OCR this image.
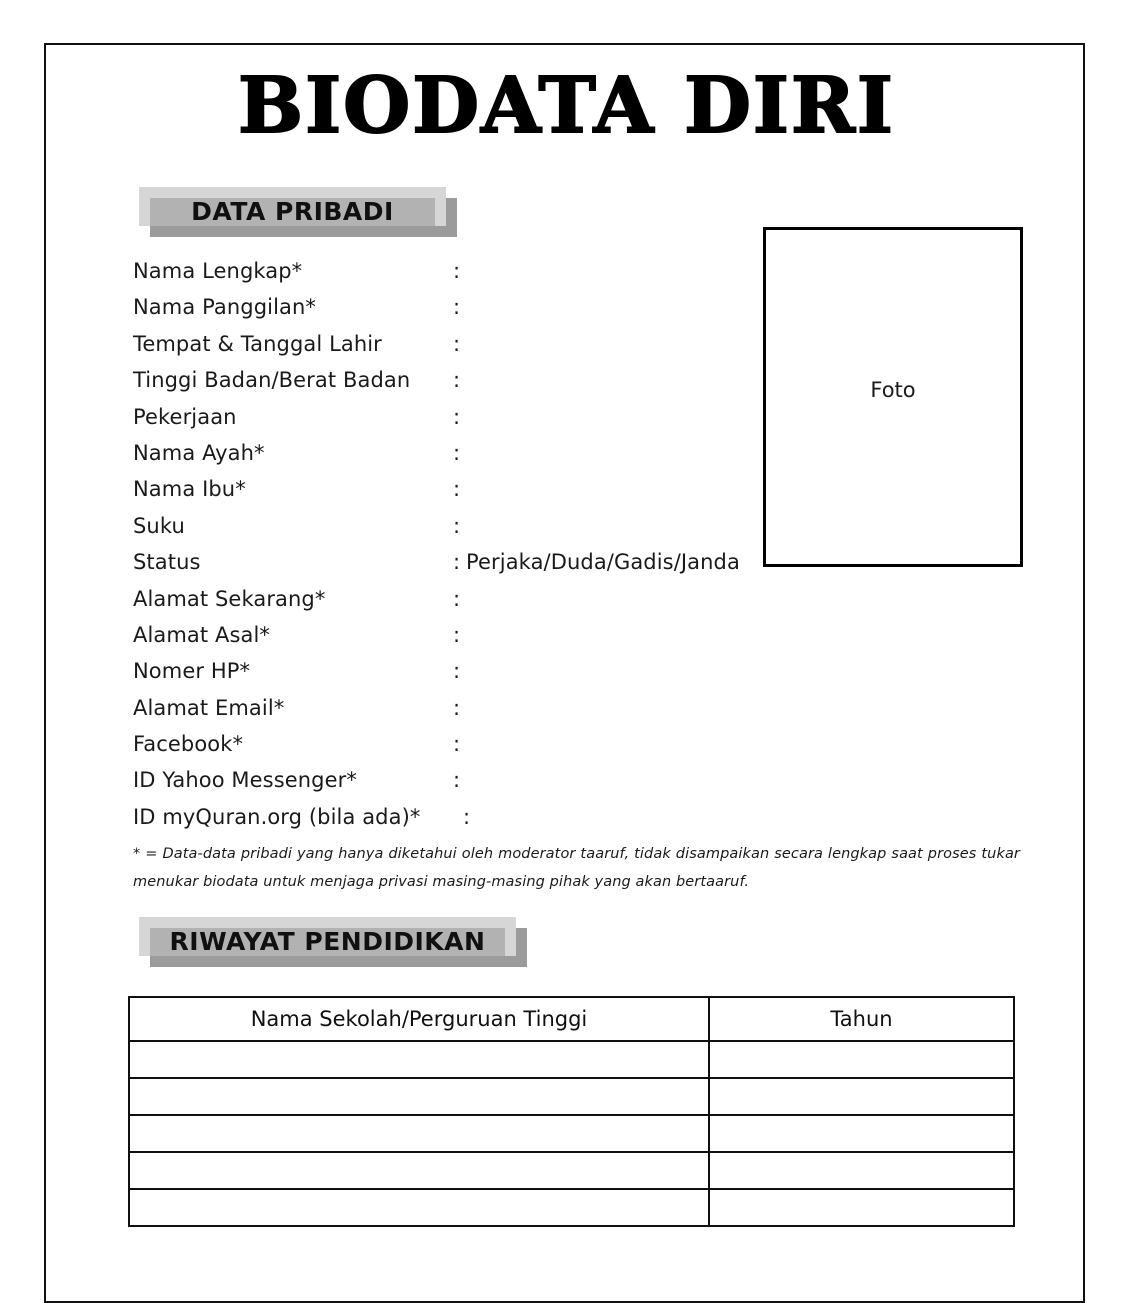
BIODATA DIRI
DATA PRIBADI
Nama Lengkap*	:
Nama Panggilan*	:
Tempat & Tanggal Lahir	:
Tinggi Badan/Berat Badan :
Pekerjaan	:
Nama Ayah*	:
Nama Ibu*	:
Suku	:
Status	: Perjaka/Duda/Gadis/Janda
Alamat Sekarang*	:
Alamat Asal*	:
Nomer HP*	:
Alamat Email*	:
Facebook*	:
ID Yahoo Messenger*	:
ID myQuran.org (bila ada)* :
Foto
* = Data-data pribadi yang hanya diketahui oleh moderator taaruf, tidak disampaikan secara lengkap saat proses tukar menukar biodata untuk menjaga privasi masing-masing pihak yang akan bertaaruf.
RIWAYAT PENDIDIKAN
Nama Sekolah/Perguruan Tinggi	Tahun
